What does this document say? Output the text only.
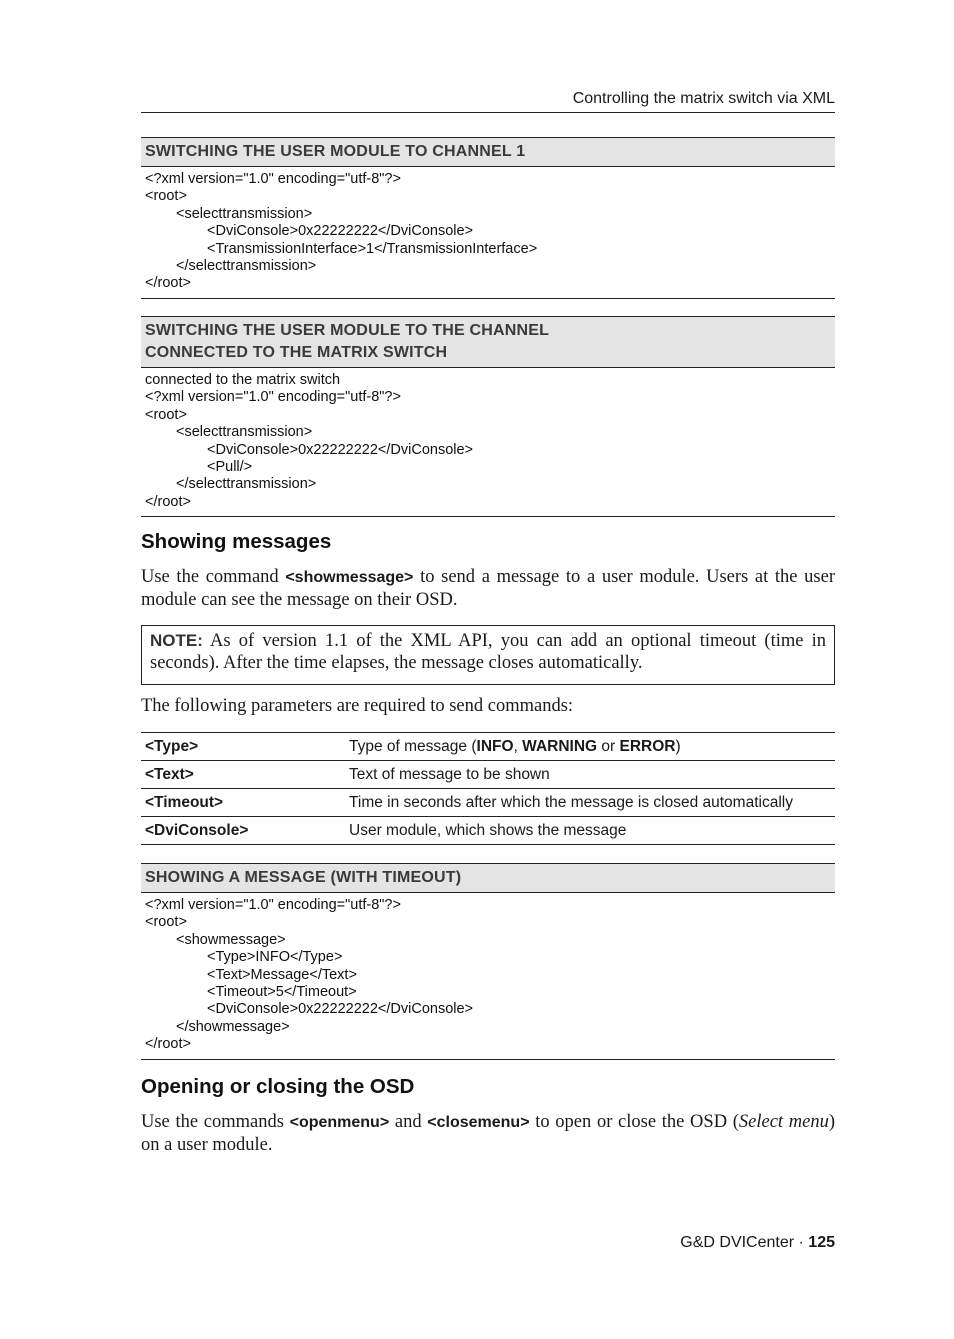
Controlling the matrix switch via XML
SWITCHING THE USER MODULE TO CHANNEL 1
<?xml version="1.0" encoding="utf-8"?>
<root>
<selecttransmission>
<DviConsole>0x22222222</DviConsole>
<TransmissionInterface>1</TransmissionInterface>
</selecttransmission>
</root>
SWITCHING THE USER MODULE TO THE CHANNEL
CONNECTED TO THE MATRIX SWITCH
connected to the matrix switch
<?xml version="1.0" encoding="utf-8"?>
<root>
<selecttransmission>
<DviConsole>0x22222222</DviConsole>
<Pull/>
</selecttransmission>
</root>
Showing messages

Use the command <showmessage> to send a message to a user module. Users at the user module can see the message on their OSD.

NOTE: As of version 1.1 of the XML API, you can add an optional timeout (time in seconds). After the time elapses, the message closes automatically.

The following parameters are required to send commands:

<Type>	Type of message (INFO, WARNING or ERROR)
<Text>	Text of message to be shown
<Timeout>	Time in seconds after which the message is closed automatically
<DviConsole>	User module, which shows the message
SHOWING A MESSAGE (WITH TIMEOUT)
<?xml version="1.0" encoding="utf-8"?>
<root>
<showmessage>
<Type>INFO</Type>
<Text>Message</Text>
<Timeout>5</Timeout>
<DviConsole>0x22222222</DviConsole>
</showmessage>
</root>
Opening or closing the OSD

Use the commands <openmenu> and <closemenu> to open or close the OSD (Select menu) on a user module.

G&D DVICenter · 125
